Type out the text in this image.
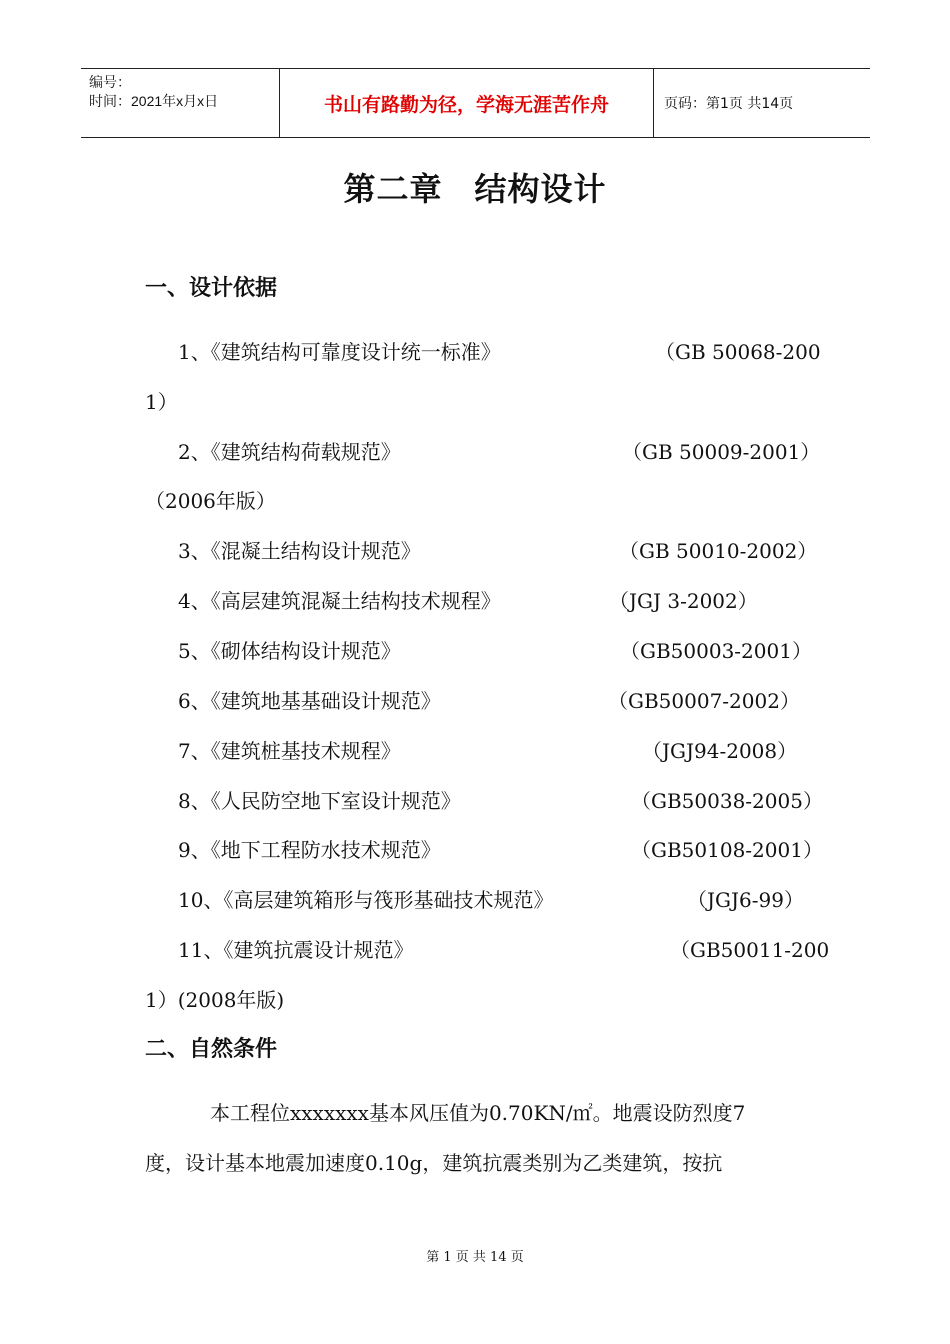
编号：
时间：2021年x月x日	书山有路勤为径，学海无涯苦作舟	页码：第1页 共14页
第二章 结构设计
一、设计依据
1、《建筑结构可靠度设计统一标准》	（GB 50068-200
1）
2、《建筑结构荷载规范》	（GB 50009-2001）
（2006年版）
3、《混凝土结构设计规范》	（GB 50010-2002）
4、《高层建筑混凝土结构技术规程》	（JGJ 3-2002）
5、《砌体结构设计规范》	（GB50003-2001）
6、《建筑地基基础设计规范》	（GB50007-2002）
7、《建筑桩基技术规程》	（JGJ94-2008）
8、《人民防空地下室设计规范》	（GB50038-2005）
9、《地下工程防水技术规范》	（GB50108-2001）
10、《高层建筑箱形与筏形基础技术规范》	（JGJ6-99）
11、《建筑抗震设计规范》	（GB50011-200
1）(2008年版)
二、自然条件
本工程位xxxxxxx基本风压值为0.70KN/㎡。地震设防烈度7
度，设计基本地震加速度0.10g，建筑抗震类别为乙类建筑，按抗
第 1 页 共 14 页
